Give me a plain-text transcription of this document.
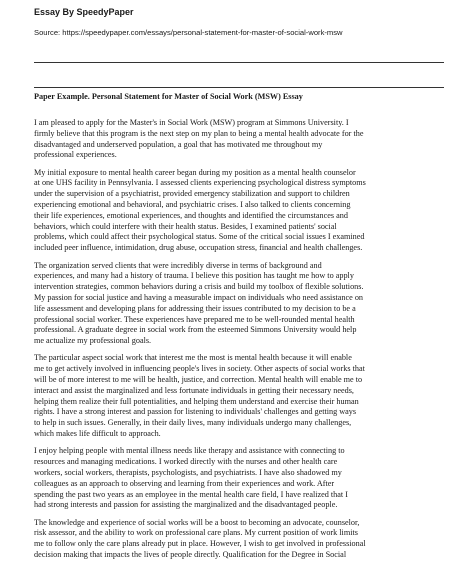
Essay By SpeedyPaper

Source: https://speedypaper.com/essays/personal-statement-for-master-of-social-work-msw

Paper Example. Personal Statement for Master of Social Work (MSW) Essay

I am pleased to apply for the Master's in Social Work (MSW) program at Simmons University. I
firmly believe that this program is the next step on my plan to being a mental health advocate for the
disadvantaged and underserved population, a goal that has motivated me throughout my
professional experiences.

My initial exposure to mental health career began during my position as a mental health counselor
at one UHS facility in Pennsylvania. I assessed clients experiencing psychological distress symptoms
under the supervision of a psychiatrist, provided emergency stabilization and support to children
experiencing emotional and behavioral, and psychiatric crises. I also talked to clients concerning
their life experiences, emotional experiences, and thoughts and identified the circumstances and
behaviors, which could interfere with their health status. Besides, I examined patients' social
problems, which could affect their psychological status. Some of the critical social issues I examined
included peer influence, intimidation, drug abuse, occupation stress, financial and health challenges.

The organization served clients that were incredibly diverse in terms of background and
experiences, and many had a history of trauma. I believe this position has taught me how to apply
intervention strategies, common behaviors during a crisis and build my toolbox of flexible solutions.
My passion for social justice and having a measurable impact on individuals who need assistance on
life assessment and developing plans for addressing their issues contributed to my decision to be a
professional social worker. These experiences have prepared me to be well-rounded mental health
professional. A graduate degree in social work from the esteemed Simmons University would help
me actualize my professional goals.

The particular aspect social work that interest me the most is mental health because it will enable
me to get actively involved in influencing people's lives in society. Other aspects of social works that
will be of more interest to me will be health, justice, and correction. Mental health will enable me to
interact and assist the marginalized and less fortunate individuals in getting their necessary needs,
helping them realize their full potentialities, and helping them understand and exercise their human
rights. I have a strong interest and passion for listening to individuals' challenges and getting ways
to help in such issues. Generally, in their daily lives, many individuals undergo many challenges,
which makes life difficult to approach.

I enjoy helping people with mental illness needs like therapy and assistance with connecting to
resources and managing medications. I worked directly with the nurses and other health care
workers, social workers, therapists, psychologists, and psychiatrists. I have also shadowed my
colleagues as an approach to observing and learning from their experiences and work. After
spending the past two years as an employee in the mental health care field, I have realized that I
had strong interests and passion for assisting the marginalized and the disadvantaged people.

The knowledge and experience of social works will be a boost to becoming an advocate, counselor,
risk assessor, and the ability to work on professional care plans. My current position of work limits
me to follow only the care plans already put in place. However, I wish to get involved in professional
decision making that impacts the lives of people directly. Qualification for the Degree in Social
